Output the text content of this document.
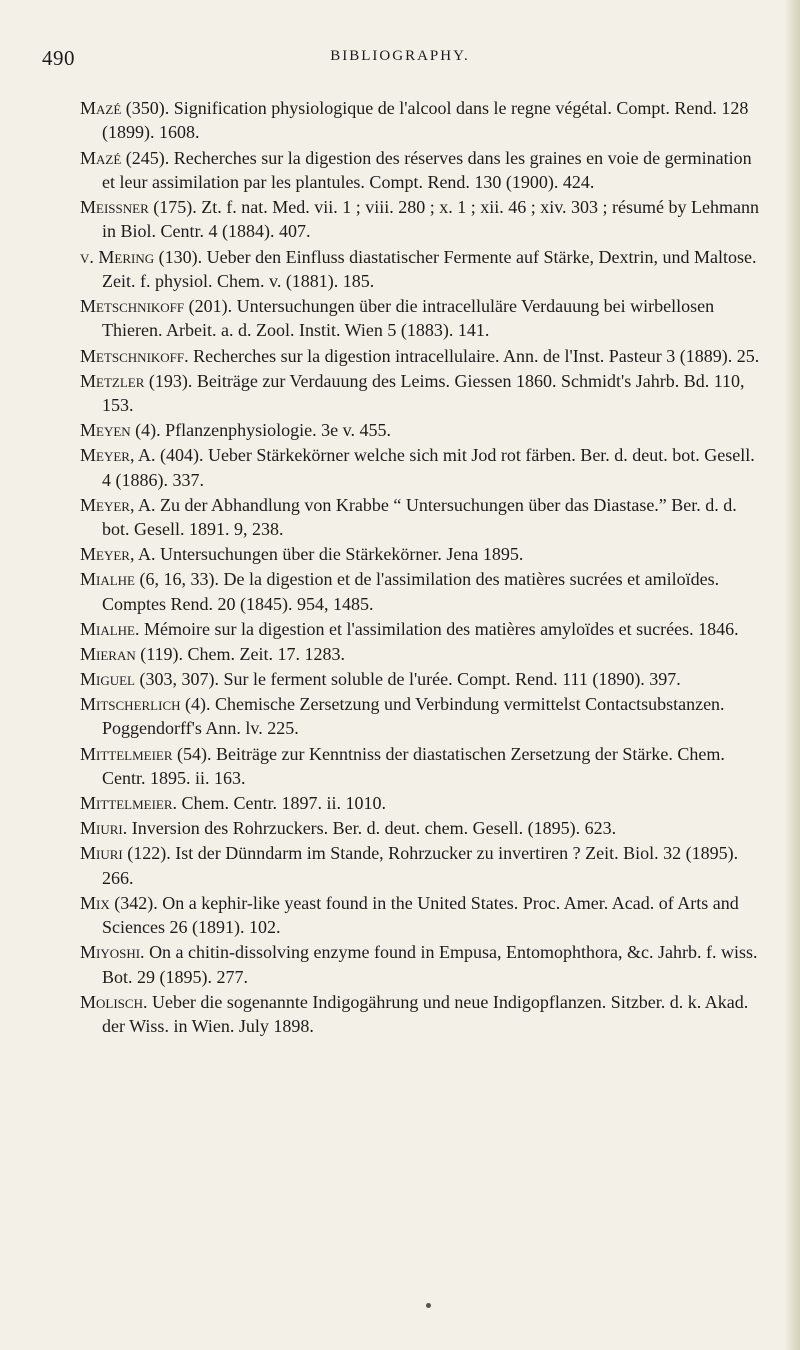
490	BIBLIOGRAPHY.

Mazé (350). Signification physiologique de l'alcool dans le regne végétal. Compt. Rend. 128 (1899). 1608.

Mazé (245). Recherches sur la digestion des réserves dans les graines en voie de germination et leur assimilation par les plantules. Compt. Rend. 130 (1900). 424.

Meissner (175). Zt. f. nat. Med. vii. 1 ; viii. 280 ; x. 1 ; xii. 46 ; xiv. 303 ; résumé by Lehmann in Biol. Centr. 4 (1884). 407.

v. Mering (130). Ueber den Einfluss diastatischer Fermente auf Stärke, Dextrin, und Maltose. Zeit. f. physiol. Chem. v. (1881). 185.

Metschnikoff (201). Untersuchungen über die intracelluläre Verdauung bei wirbellosen Thieren. Arbeit. a. d. Zool. Instit. Wien 5 (1883). 141.

Metschnikoff. Recherches sur la digestion intracellulaire. Ann. de l'Inst. Pasteur 3 (1889). 25.

Metzler (193). Beiträge zur Verdauung des Leims. Giessen 1860. Schmidt's Jahrb. Bd. 110, 153.

Meyen (4). Pflanzenphysiologie. 3e v. 455.

Meyer, A. (404). Ueber Stärkekörner welche sich mit Jod rot färben. Ber. d. deut. bot. Gesell. 4 (1886). 337.

Meyer, A. Zu der Abhandlung von Krabbe “ Untersuchungen über das Diastase.” Ber. d. d. bot. Gesell. 1891. 9, 238.

Meyer, A. Untersuchungen über die Stärkekörner. Jena 1895.

Mialhe (6, 16, 33). De la digestion et de l'assimilation des matières sucrées et amiloïdes. Comptes Rend. 20 (1845). 954, 1485.

Mialhe. Mémoire sur la digestion et l'assimilation des matières amyloïdes et sucrées. 1846.

Mieran (119). Chem. Zeit. 17. 1283.

Miguel (303, 307). Sur le ferment soluble de l'urée. Compt. Rend. 111 (1890). 397.

Mitscherlich (4). Chemische Zersetzung und Verbindung vermittelst Contactsubstanzen. Poggendorff's Ann. lv. 225.

Mittelmeier (54). Beiträge zur Kenntniss der diastatischen Zersetzung der Stärke. Chem. Centr. 1895. ii. 163.

Mittelmeier. Chem. Centr. 1897. ii. 1010.

Miuri. Inversion des Rohrzuckers. Ber. d. deut. chem. Gesell. (1895). 623.

Miuri (122). Ist der Dünndarm im Stande, Rohrzucker zu invertiren ? Zeit. Biol. 32 (1895). 266.

Mix (342). On a kephir-like yeast found in the United States. Proc. Amer. Acad. of Arts and Sciences 26 (1891). 102.

Miyoshi. On a chitin-dissolving enzyme found in Empusa, Entomophthora, &c. Jahrb. f. wiss. Bot. 29 (1895). 277.

Molisch. Ueber die sogenannte Indigogährung und neue Indigopflanzen. Sitzber. d. k. Akad. der Wiss. in Wien. July 1898.
